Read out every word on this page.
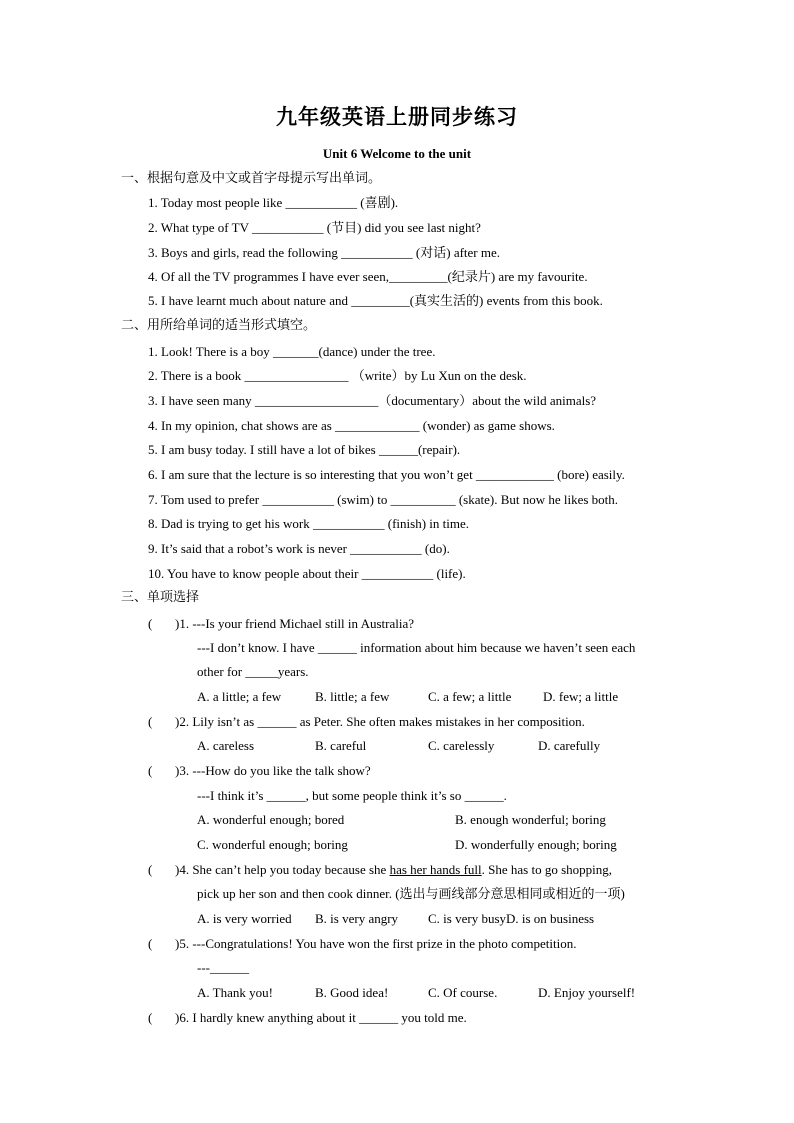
九年级英语上册同步练习
Unit 6 Welcome to the unit
一、根据句意及中文或首字母提示写出单词。
1. Today most people like ___________ (喜剧).
2. What type of TV ___________ (节目) did you see last night?
3. Boys and girls, read the following ___________ (对话) after me.
4. Of all the TV programmes I have ever seen,_________(纪录片) are my favourite.
5. I have learnt much about nature and _________(真实生活的) events from this book.
二、用所给单词的适当形式填空。
1. Look! There is a boy _______(dance) under the tree.
2. There is a book ________________ （write）by Lu Xun on the desk.
3. I have seen many ___________________（documentary）about the wild animals?
4. In my opinion, chat shows are as _____________ (wonder) as game shows.
5. I am busy today. I still have a lot of bikes ______(repair).
6. I am sure that the lecture is so interesting that you won’t get ____________ (bore) easily.
7. Tom used to prefer ___________ (swim) to __________ (skate). But now he likes both.
8. Dad is trying to get his work ___________ (finish) in time.
9. It’s said that a robot’s work is never ___________ (do).
10. You have to know people about their ___________ (life).
三、单项选择
( )1. ---Is your friend Michael still in Australia?
---I don’t know. I have ______ information about him because we haven’t seen each
other for _____years.
A. a little; a few	B. little; a few	C. a few; a little D. few; a little
( )2. Lily isn’t as ______ as Peter. She often makes mistakes in her composition.
A. careless	B. careful	C. carelessly	D. carefully
( )3. ---How do you like the talk show?
---I think it’s ______, but some people think it’s so ______.
A. wonderful enough; bored	B. enough wonderful; boring
C. wonderful enough; boring	D. wonderfully enough; boring
( )4. She can’t help you today because she has her hands full. She has to go shopping,
pick up her son and then cook dinner. (选出与画线部分意思相同或相近的一项)
A. is very worried B. is very angry C. is very busyD. is on business
( )5. ---Congratulations! You have won the first prize in the photo competition.
---______
A. Thank you!	B. Good idea!	C. Of course.	D. Enjoy yourself!
( )6. I hardly knew anything about it ______ you told me.
